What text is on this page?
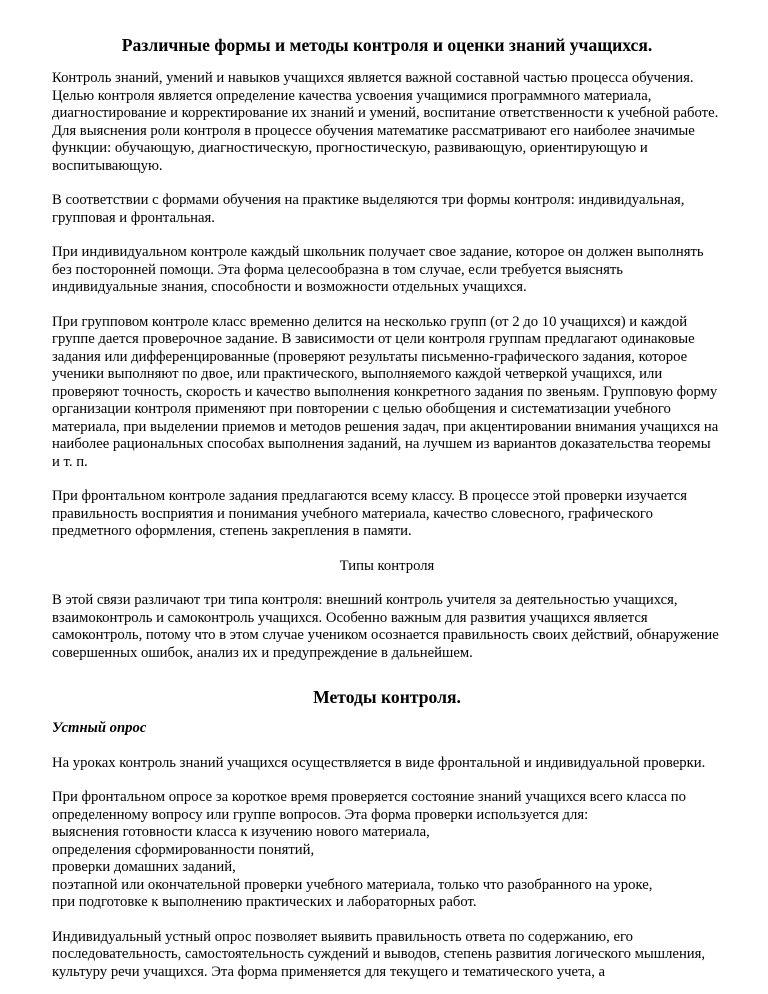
Различные формы и методы контроля и оценки знаний учащихся.

Контроль знаний, умений и навыков учащихся является важной составной частью процесса обучения. Целью контроля является определение качества усвоения учащимися программного материала, диагностирование и корректирование их знаний и умений, воспитание ответственности к учебной работе. Для выяснения роли контроля в процессе обучения математике рассматривают его наиболее значимые функции: обучающую, диагностическую, прогностическую, развивающую, ориентирующую и воспитывающую.

В соответствии с формами обучения на практике выделяются три формы контроля: индивидуальная, групповая и фронтальная.

При индивидуальном контроле каждый школьник получает свое задание, которое он должен выполнять без посторонней помощи. Эта форма целесообразна в том случае, если требуется выяснять индивидуальные знания, способности и возможности отдельных учащихся.

При групповом контроле класс временно делится на несколько групп (от 2 до 10 учащихся) и каждой группе дается проверочное задание. В зависимости от цели контроля группам предлагают одинаковые задания или дифференцированные (проверяют результаты письменно-графического задания, которое ученики выполняют по двое, или практического, выполняемого каждой четверкой учащихся, или проверяют точность, скорость и качество выполнения конкретного задания по звеньям. Групповую форму организации контроля применяют при повторении с целью обобщения и систематизации учебного материала, при выделении приемов и методов решения задач, при акцентировании внимания учащихся на наиболее рациональных способах выполнения заданий, на лучшем из вариантов доказательства теоремы и т. п.

При фронтальном контроле задания предлагаются всему классу. В процессе этой проверки изучается правильность восприятия и понимания учебного материала, качество словесного, графического предметного оформления, степень закрепления в памяти.

Типы контроля

В этой связи различают три типа контроля: внешний контроль учителя за деятельностью учащихся, взаимоконтроль и самоконтроль учащихся. Особенно важным для развития учащихся является самоконтроль, потому что в этом случае учеником осознается правильность своих действий, обнаружение совершенных ошибок, анализ их и предупреждение в дальнейшем.

Методы контроля.
Устный опрос

На уроках контроль знаний учащихся осуществляется в виде фронтальной и индивидуальной проверки.

При фронтальном опросе за короткое время проверяется состояние знаний учащихся всего класса по определенному вопросу или группе вопросов. Эта форма проверки используется для:
выяснения готовности класса к изучению нового материала,
определения сформированности понятий,
проверки домашних заданий,
поэтапной или окончательной проверки учебного материала, только что разобранного на уроке,
при подготовке к выполнению практических и лабораторных работ.

Индивидуальный устный опрос позволяет выявить правильность ответа по содержанию, его последовательность, самостоятельность суждений и выводов, степень развития логического мышления, культуру речи учащихся. Эта форма применяется для текущего и тематического учета, а
